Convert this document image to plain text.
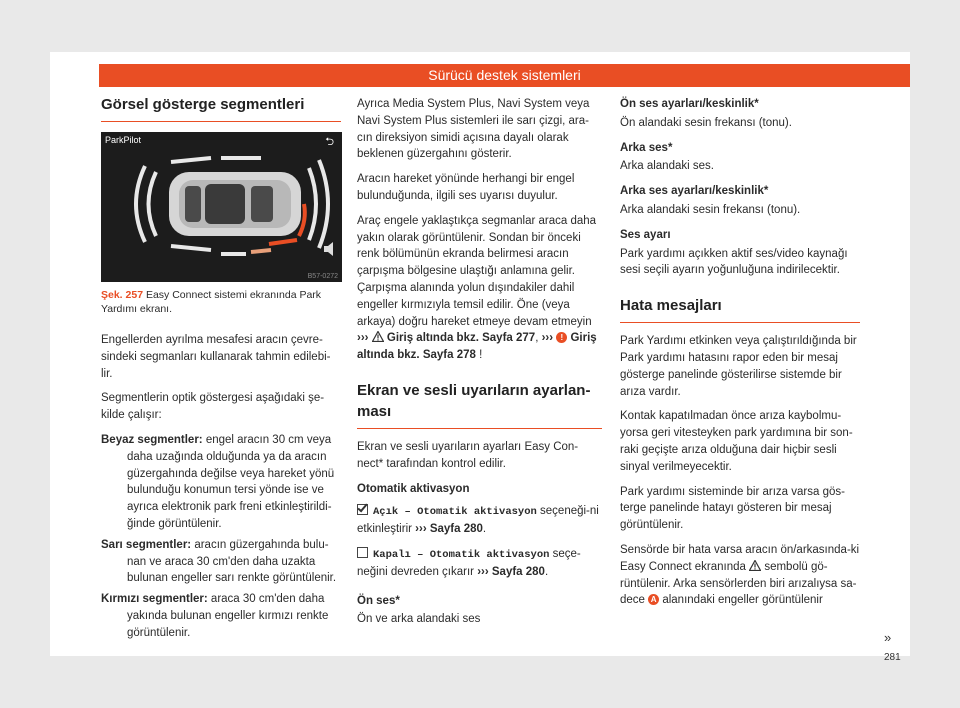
Sürücü destek sistemleri
Görsel gösterge segmentleri
ParkPilot	⮌
B57-0272
Şek. 257 Easy Connect sistemi ekranında Park Yardımı ekranı.

Engellerden ayrılma mesafesi aracın çevre-sindeki segmanları kullanarak tahmin edilebi-lir.

Segmentlerin optik göstergesi aşağıdaki şe-kilde çalışır:

Beyaz segmentler: engel aracın 30 cm veya daha uzağında olduğunda ya da aracın güzergahında değilse veya hareket yönü bulunduğu konumun tersi yönde ise ve ayrıca elektronik park freni etkinleştirildi-ğinde görüntülenir.
Sarı segmentler: aracın güzergahında bulu-nan ve araca 30 cm'den daha uzakta bulunan engeller sarı renkte görüntülenir.
Kırmızı segmentler: araca 30 cm'den daha yakında bulunan engeller kırmızı renkte görüntülenir.

Ayrıca Media System Plus, Navi System veya Navi System Plus sistemleri ile sarı çizgi, ara-cın direksiyon simidi açısına dayalı olarak beklenen güzergahını gösterir.

Aracın hareket yönünde herhangi bir engel bulunduğunda, ilgili ses uyarısı duyulur.

Araç engele yaklaştıkça segmanlar araca daha yakın olarak görüntülenir. Sondan bir önceki renk bölümünün ekranda belirmesi aracın çarpışma bölgesine ulaştığı anlamına gelir. Çarpışma alanında yolun dışındakiler dahil engeller kırmızıyla temsil edilir. Öne (veya arkaya) doğru hareket etmeye devam etmeyin ›››  Giriş altında bkz. Sayfa 277, ››› ! Giriş altında bkz. Sayfa 278 !

Ekran ve sesli uyarıların ayarlan-ması

Ekran ve sesli uyarıların ayarları Easy Con-nect* tarafından kontrol edilir.

Otomatik aktivasyon

Açık – Otomatik aktivasyon seçeneği-ni etkinleştirir ››› Sayfa 280.

Kapalı – Otomatik aktivasyon seçe-neğini devreden çıkarır ››› Sayfa 280.

Ön ses*

Ön ve arka alandaki ses

Ön ses ayarları/keskinlik*

Ön alandaki sesin frekansı (tonu).

Arka ses*

Arka alandaki ses.

Arka ses ayarları/keskinlik*

Arka alandaki sesin frekansı (tonu).

Ses ayarı

Park yardımı açıkken aktif ses/video kaynağı sesi seçili ayarın yoğunluğuna indirilecektir.

Hata mesajları

Park Yardımı etkinken veya çalıştırıldığında bir Park yardımı hatasını rapor eden bir mesaj gösterge panelinde gösterilirse sistemde bir arıza vardır.

Kontak kapatılmadan önce arıza kaybolmu-yorsa geri vitesteyken park yardımına bir son-raki geçişte arıza olduğuna dair hiçbir sesli sinyal verilmeyecektir.

Park yardımı sisteminde bir arıza varsa gös-terge panelinde hatayı gösteren bir mesaj görüntülenir.

Sensörde bir hata varsa aracın ön/arkasında-ki Easy Connect ekranında  sembolü gö-rüntülenir. Arka sensörlerden biri arızalıysa sa-dece A alanındaki engeller görüntülenir

»
281
